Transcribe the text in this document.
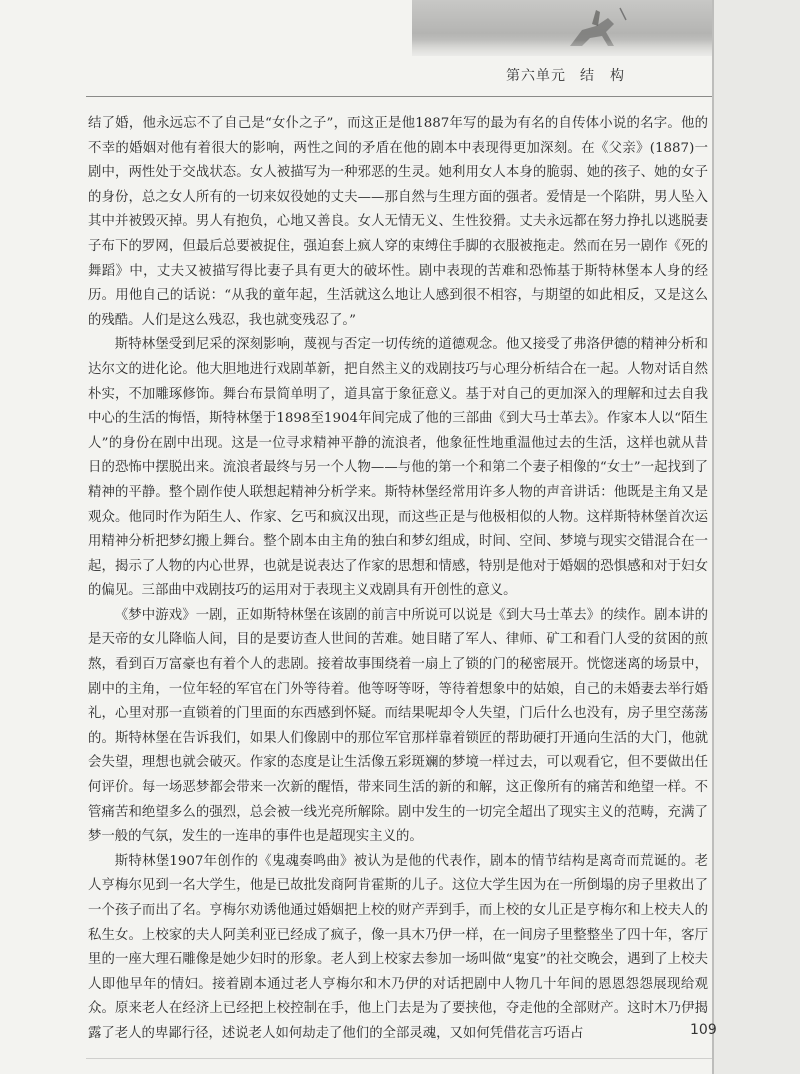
第六单元 结　构

结了婚，他永远忘不了自己是“女仆之子”，而这正是他1887年写的最为有名的自传体小说的名字。他的不幸的婚姻对他有着很大的影响，两性之间的矛盾在他的剧本中表现得更加深刻。在《父亲》(1887)一剧中，两性处于交战状态。女人被描写为一种邪恶的生灵。她利用女人本身的脆弱、她的孩子、她的女子的身份，总之女人所有的一切来奴役她的丈夫——那自然与生理方面的强者。爱情是一个陷阱，男人坠入其中并被毁灭掉。男人有抱负，心地又善良。女人无情无义、生性狡猾。丈夫永远都在努力挣扎以逃脱妻子布下的罗网，但最后总要被捉住，强迫套上疯人穿的束缚住手脚的衣服被拖走。然而在另一剧作《死的舞蹈》中，丈夫又被描写得比妻子具有更大的破坏性。剧中表现的苦难和恐怖基于斯特林堡本人身的经历。用他自己的话说：“从我的童年起，生活就这么地让人感到很不相容，与期望的如此相反，又是这么的残酷。人们是这么残忍，我也就变残忍了。”

斯特林堡受到尼采的深刻影响，蔑视与否定一切传统的道德观念。他又接受了弗洛伊德的精神分析和达尔文的进化论。他大胆地进行戏剧革新，把自然主义的戏剧技巧与心理分析结合在一起。人物对话自然朴实，不加雕琢修饰。舞台布景简单明了，道具富于象征意义。基于对自己的更加深入的理解和过去自我中心的生活的悔悟，斯特林堡于1898至1904年间完成了他的三部曲《到大马士革去》。作家本人以“陌生人”的身份在剧中出现。这是一位寻求精神平静的流浪者，他象征性地重温他过去的生活，这样也就从昔日的恐怖中摆脱出来。流浪者最终与另一个人物——与他的第一个和第二个妻子相像的“女士”一起找到了精神的平静。整个剧作使人联想起精神分析学来。斯特林堡经常用许多人物的声音讲话：他既是主角又是观众。他同时作为陌生人、作家、乞丐和疯汉出现，而这些正是与他极相似的人物。这样斯特林堡首次运用精神分析把梦幻搬上舞台。整个剧本由主角的独白和梦幻组成，时间、空间、梦境与现实交错混合在一起，揭示了人物的内心世界，也就是说表达了作家的思想和情感，特别是他对于婚姻的恐惧感和对于妇女的偏见。三部曲中戏剧技巧的运用对于表现主义戏剧具有开创性的意义。

《梦中游戏》一剧，正如斯特林堡在该剧的前言中所说可以说是《到大马士革去》的续作。剧本讲的是天帝的女儿降临人间，目的是要访查人世间的苦难。她目睹了军人、律师、矿工和看门人受的贫困的煎熬，看到百万富豪也有着个人的悲剧。接着故事围绕着一扇上了锁的门的秘密展开。恍惚迷离的场景中，剧中的主角，一位年轻的军官在门外等待着。他等呀等呀，等待着想象中的姑娘，自己的未婚妻去举行婚礼，心里对那一直锁着的门里面的东西感到怀疑。而结果呢却令人失望，门后什么也没有，房子里空荡荡的。斯特林堡在告诉我们，如果人们像剧中的那位军官那样靠着锁匠的帮助硬打开通向生活的大门，他就会失望，理想也就会破灭。作家的态度是让生活像五彩斑斓的梦境一样过去，可以观看它，但不要做出任何评价。每一场恶梦都会带来一次新的醒悟，带来同生活的新的和解，这正像所有的痛苦和绝望一样。不管痛苦和绝望多么的强烈，总会被一线光亮所解除。剧中发生的一切完全超出了现实主义的范畴，充满了梦一般的气氛，发生的一连串的事件也是超现实主义的。

斯特林堡1907年创作的《鬼魂奏鸣曲》被认为是他的代表作，剧本的情节结构是离奇而荒诞的。老人亨梅尔见到一名大学生，他是已故批发商阿肯霍斯的儿子。这位大学生因为在一所倒塌的房子里救出了一个孩子而出了名。亨梅尔劝诱他通过婚姻把上校的财产弄到手，而上校的女儿正是亨梅尔和上校夫人的私生女。上校家的夫人阿美利亚已经成了疯子，像一具木乃伊一样，在一间房子里整整坐了四十年，客厅里的一座大理石雕像是她少妇时的形象。老人到上校家去参加一场叫做“鬼宴”的社交晚会，遇到了上校夫人即他早年的情妇。接着剧本通过老人亨梅尔和木乃伊的对话把剧中人物几十年间的恩恩怨怨展现给观众。原来老人在经济上已经把上校控制在手，他上门去是为了要挟他，夺走他的全部财产。这时木乃伊揭露了老人的卑鄙行径，述说老人如何劫走了他们的全部灵魂，又如何凭借花言巧语占	109
